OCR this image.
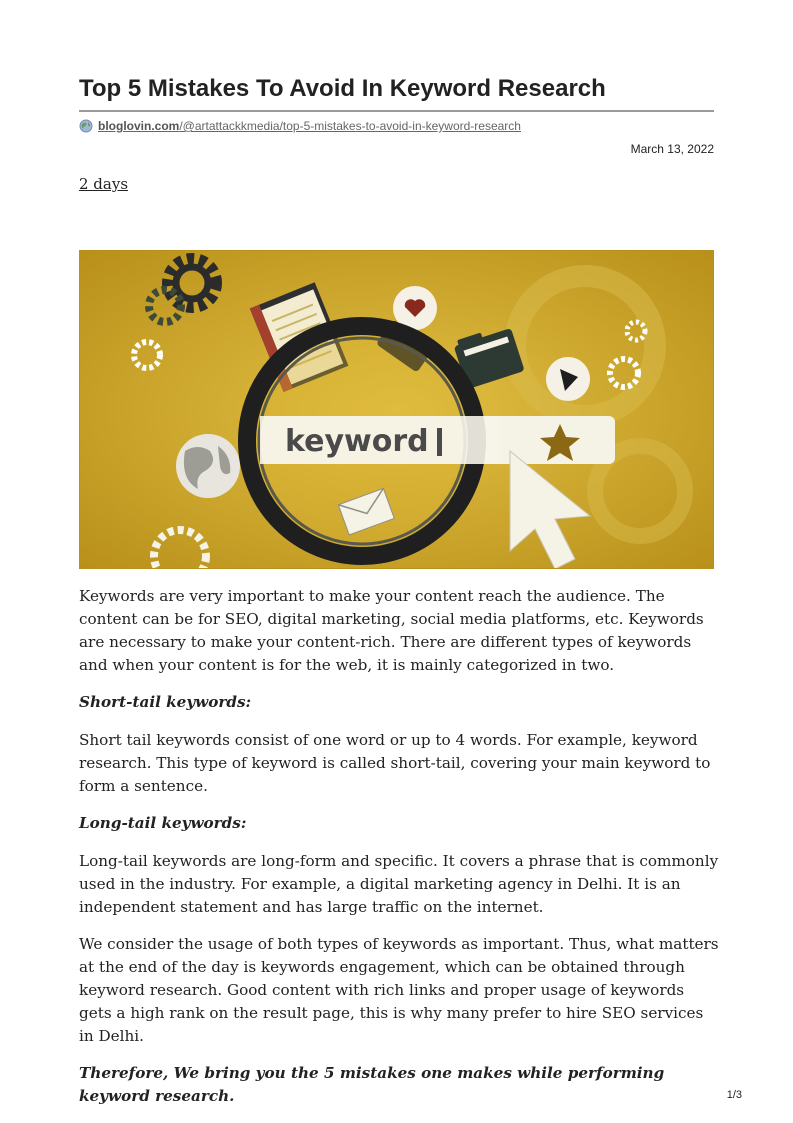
Top 5 Mistakes To Avoid In Keyword Research
bloglovin.com/@artattackkmedia/top-5-mistakes-to-avoid-in-keyword-research
March 13, 2022
2 days
keyword

Keywords are very important to make your content reach the audience. The content can be for SEO, digital marketing, social media platforms, etc. Keywords are necessary to make your content-rich. There are different types of keywords and when your content is for the web, it is mainly categorized in two.

Short-tail keywords:

Short tail keywords consist of one word or up to 4 words. For example, keyword research. This type of keyword is called short-tail, covering your main keyword to form a sentence.

Long-tail keywords:

Long-tail keywords are long-form and specific. It covers a phrase that is commonly used in the industry. For example, a digital marketing agency in Delhi. It is an independent statement and has large traffic on the internet.

We consider the usage of both types of keywords as important. Thus, what matters at the end of the day is keywords engagement, which can be obtained through keyword research. Good content with rich links and proper usage of keywords gets a high rank on the result page, this is why many prefer to hire SEO services in Delhi.

Therefore, We bring you the 5 mistakes one makes while performing keyword research.	1/3
